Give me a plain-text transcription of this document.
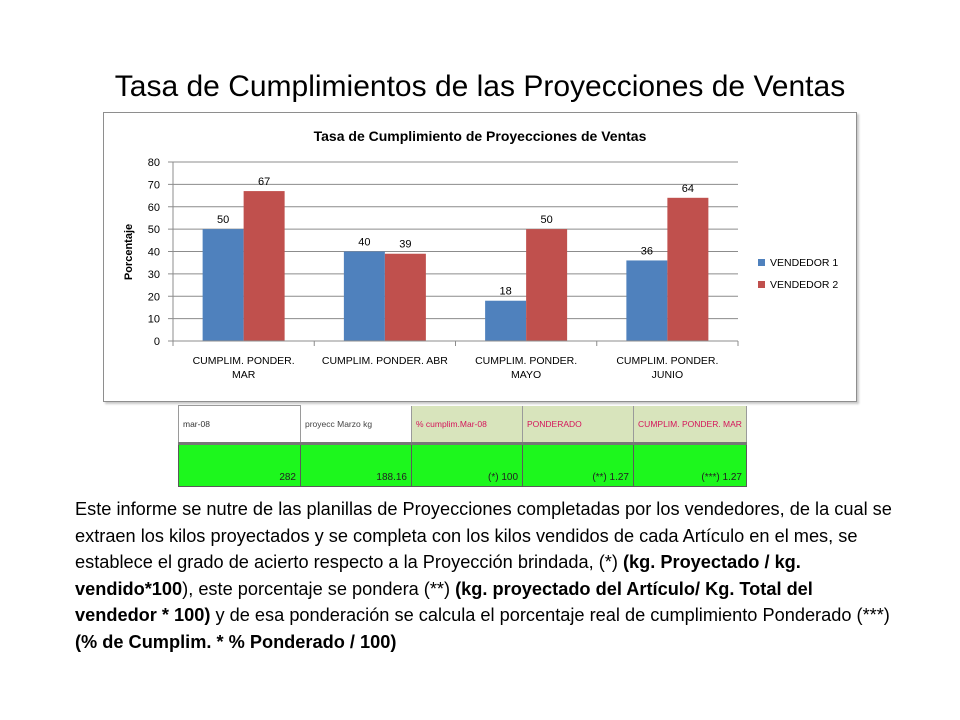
Tasa de Cumplimientos de las Proyecciones de Ventas
Tasa de Cumplimiento de Proyecciones de Ventas
Porcentaje
50
67
40	39
18
50
36
64
0
10
20
30
40
50
60
70
80
CUMPLIM. PONDER.
MAR
CUMPLIM. PONDER. ABR	CUMPLIM. PONDER.
MAYO
CUMPLIM. PONDER.
JUNIO
VENDEDOR 1
VENDEDOR 2
mar-08	proyecc Marzo kg	% cumplim.Mar-08	PONDERADO	CUMPLIM. PONDER. MAR
282	188.16	(*) 100	(**) 1.27	(***) 1.27

Este informe se nutre de las planillas de Proyecciones completadas por los vendedores, de la cual se extraen los kilos proyectados y se completa con los kilos vendidos de cada Artículo en el mes, se establece el grado de acierto respecto a la Proyección brindada, (*) (kg. Proyectado / kg. vendido*100), este porcentaje se pondera (**) (kg. proyectado del Artículo/ Kg. Total del vendedor * 100) y de esa ponderación se calcula el porcentaje real de cumplimiento Ponderado (***)(% de Cumplim. * % Ponderado / 100)
